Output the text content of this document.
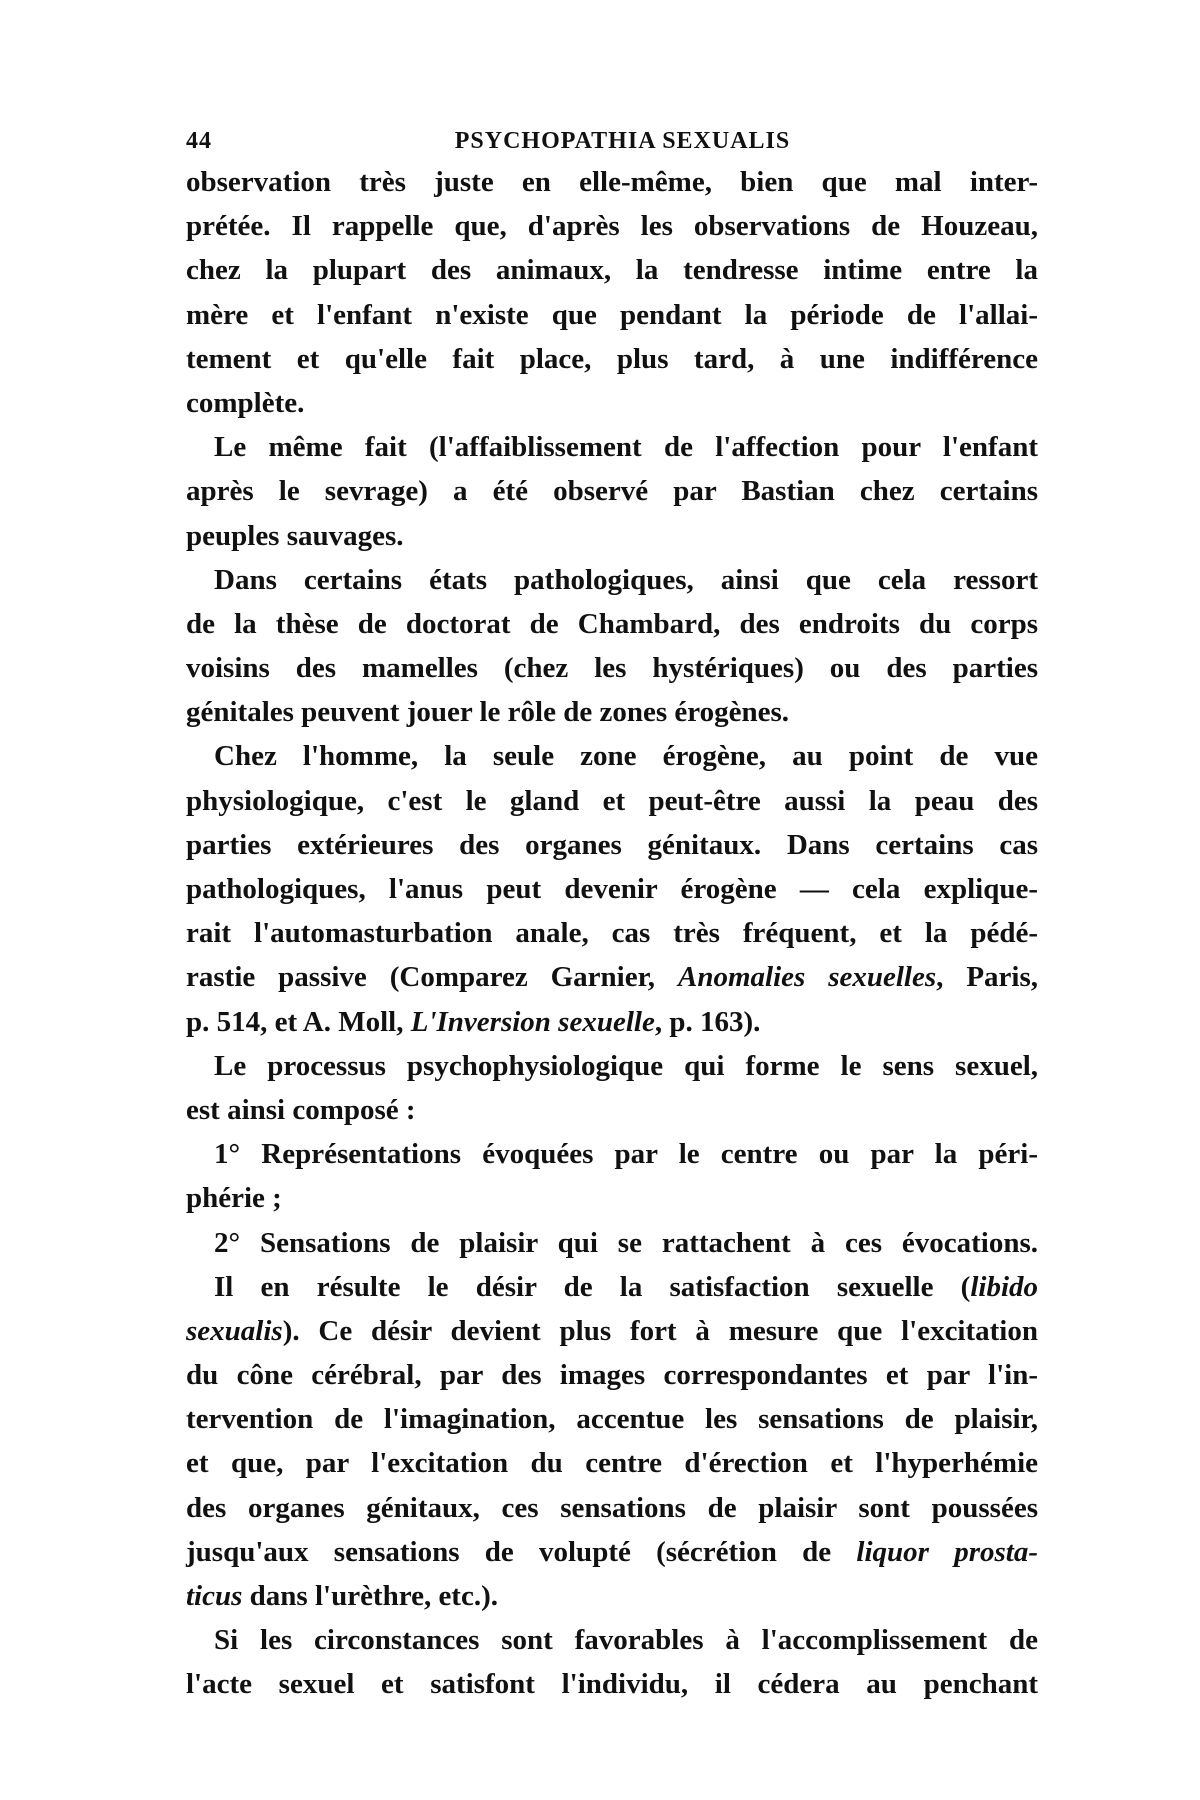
44	PSYCHOPATHIA SEXUALIS
observation très juste en elle-même, bien que mal inter-
prétée. Il rappelle que, d'après les observations de Houzeau,
chez la plupart des animaux, la tendresse intime entre la
mère et l'enfant n'existe que pendant la période de l'allai-
tement et qu'elle fait place, plus tard, à une indifférence
complète.
Le même fait (l'affaiblissement de l'affection pour l'enfant
après le sevrage) a été observé par Bastian chez certains
peuples sauvages.
Dans certains états pathologiques, ainsi que cela ressort
de la thèse de doctorat de Chambard, des endroits du corps
voisins des mamelles (chez les hystériques) ou des parties
génitales peuvent jouer le rôle de zones érogènes.
Chez l'homme, la seule zone érogène, au point de vue
physiologique, c'est le gland et peut-être aussi la peau des
parties extérieures des organes génitaux. Dans certains cas
pathologiques, l'anus peut devenir érogène — cela explique-
rait l'automasturbation anale, cas très fréquent, et la pédé-
rastie passive (Comparez Garnier, Anomalies sexuelles, Paris,
p. 514, et A. Moll, L'Inversion sexuelle, p. 163).
Le processus psychophysiologique qui forme le sens sexuel,
est ainsi composé :
1° Représentations évoquées par le centre ou par la péri-
phérie ;
2° Sensations de plaisir qui se rattachent à ces évocations.
Il en résulte le désir de la satisfaction sexuelle (libido
sexualis). Ce désir devient plus fort à mesure que l'excitation
du cône cérébral, par des images correspondantes et par l'in-
tervention de l'imagination, accentue les sensations de plaisir,
et que, par l'excitation du centre d'érection et l'hyperhémie
des organes génitaux, ces sensations de plaisir sont poussées
jusqu'aux sensations de volupté (sécrétion de liquor prosta-
ticus dans l'urèthre, etc.).
Si les circonstances sont favorables à l'accomplissement de
l'acte sexuel et satisfont l'individu, il cédera au penchant
